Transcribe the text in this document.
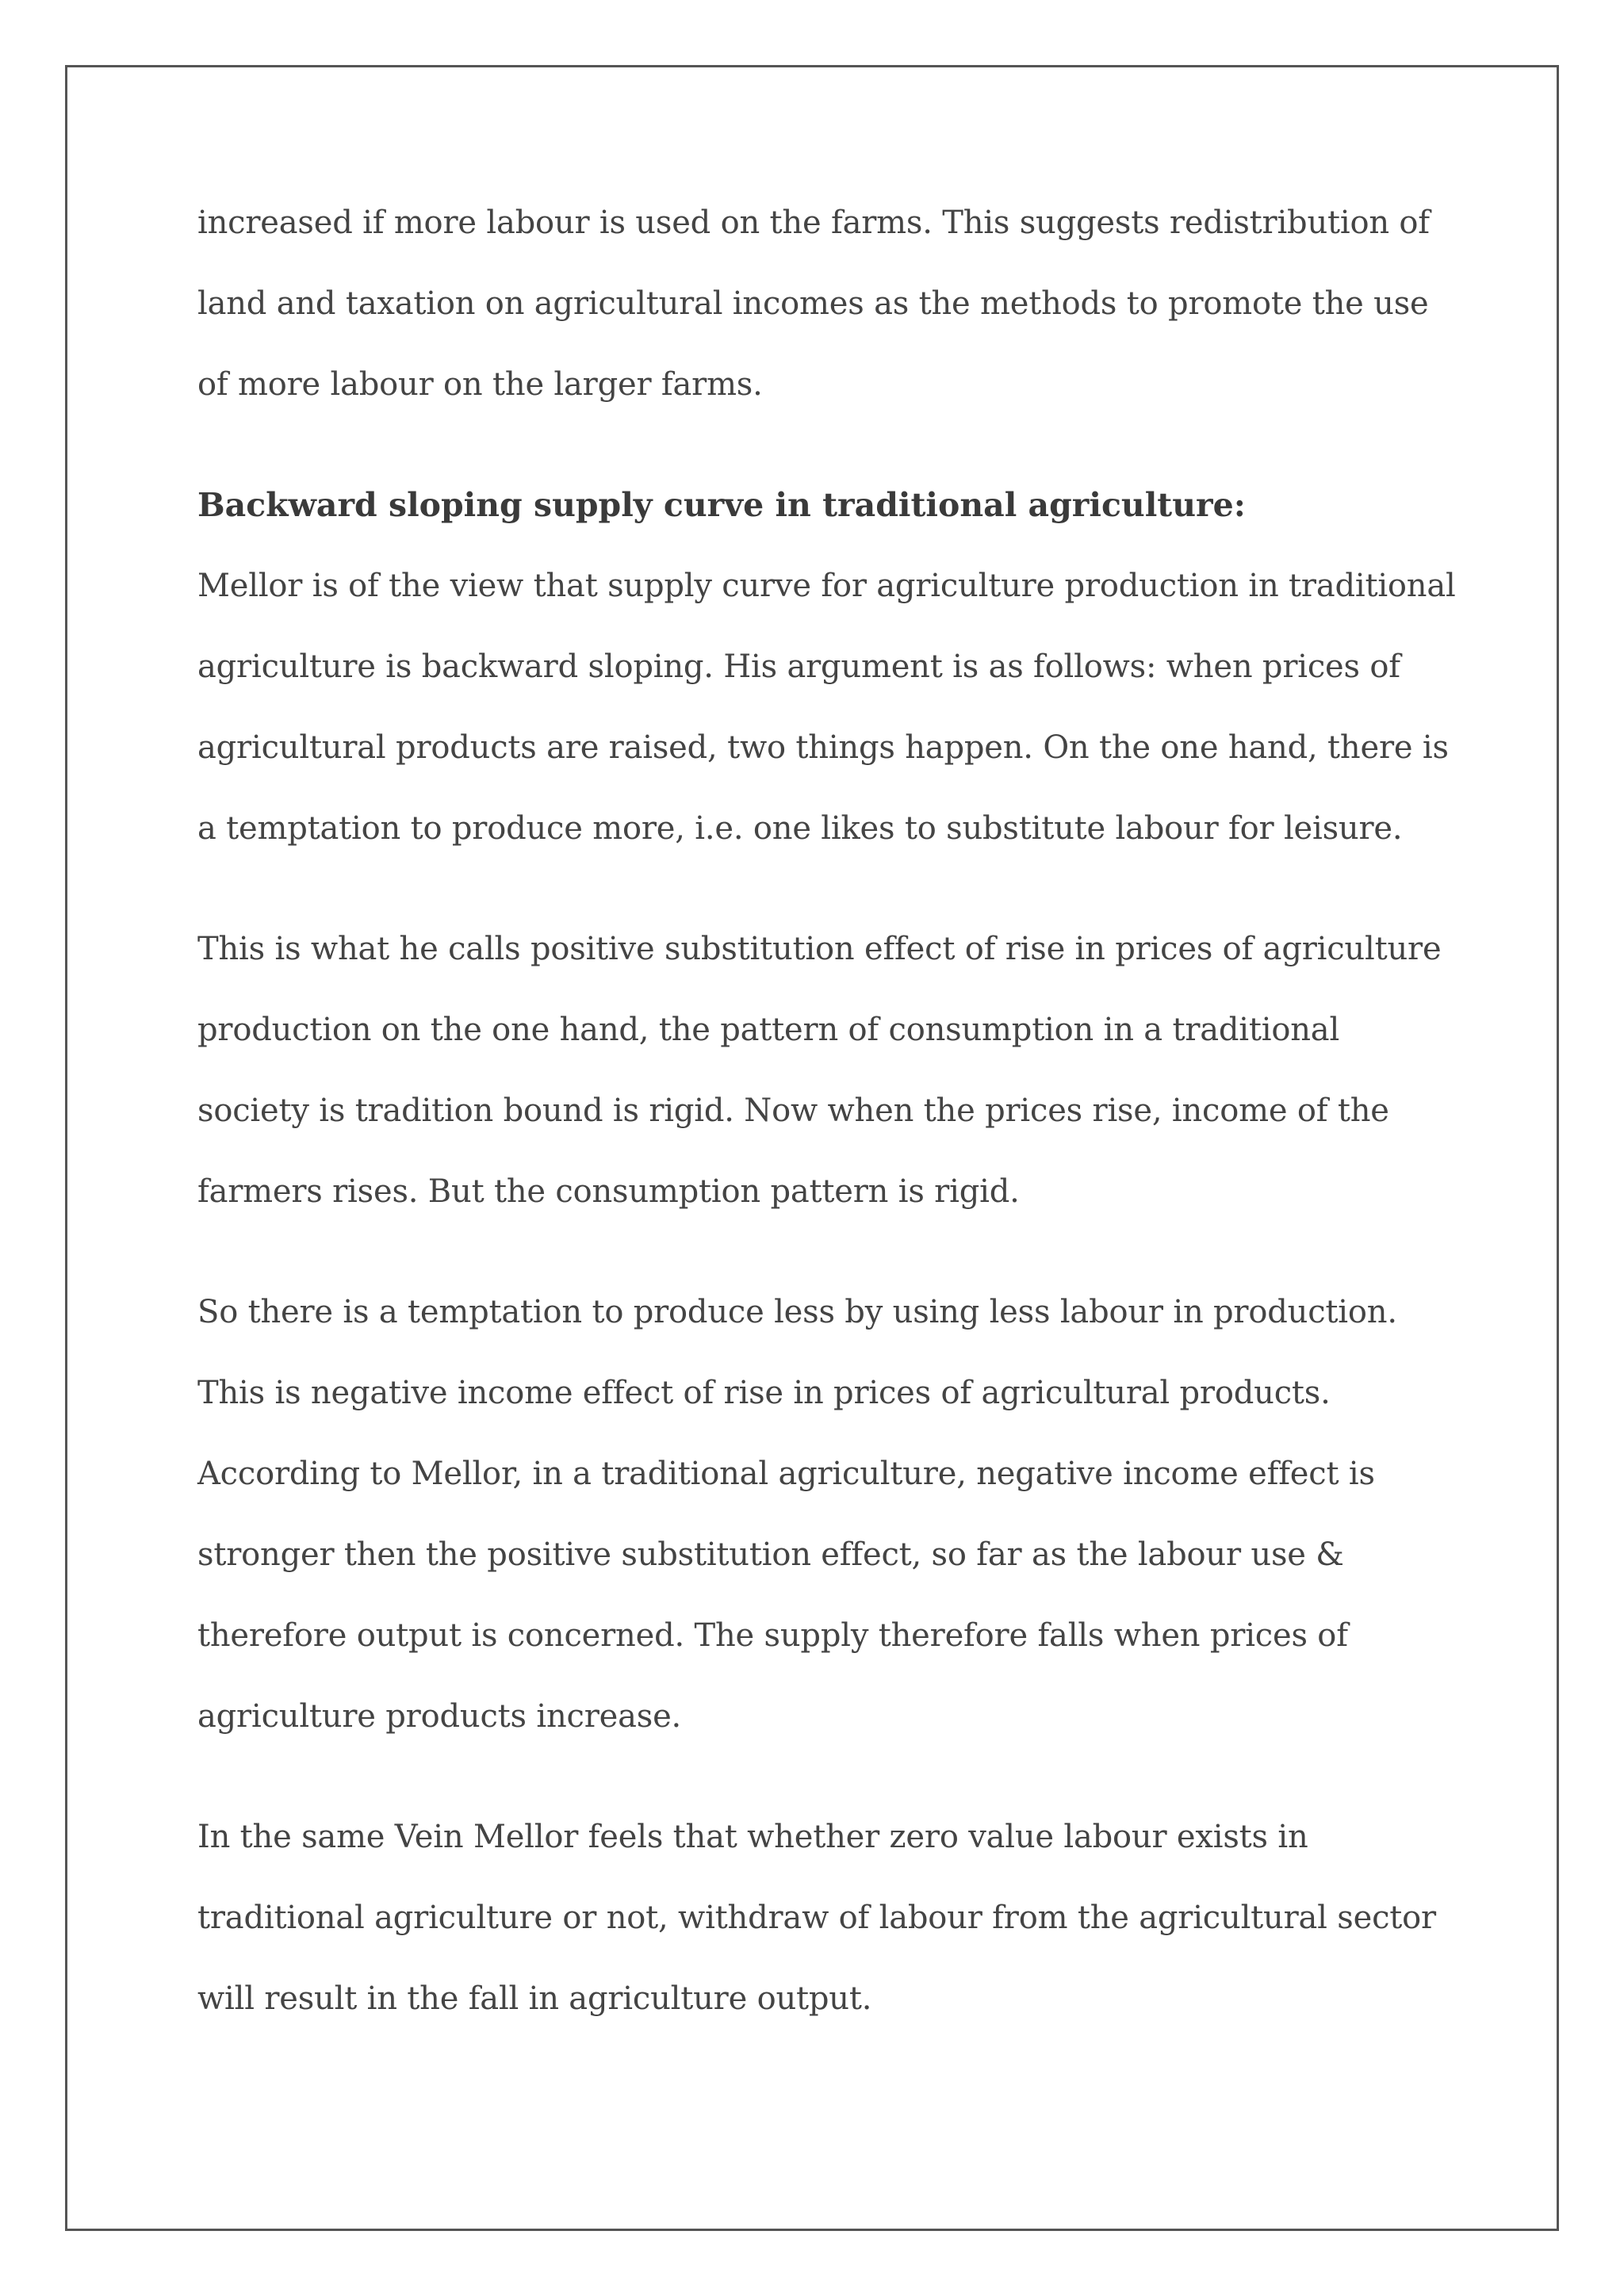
increased if more labour is used on the farms. This suggests redistribution of
land and taxation on agricultural incomes as the methods to promote the use
of more labour on the larger farms.

Backward sloping supply curve in traditional agriculture:

Mellor is of the view that supply curve for agriculture production in traditional
agriculture is backward sloping. His argument is as follows: when prices of
agricultural products are raised, two things happen. On the one hand, there is
a temptation to produce more, i.e. one likes to substitute labour for leisure.

This is what he calls positive substitution effect of rise in prices of agriculture
production on the one hand, the pattern of consumption in a traditional
society is tradition bound is rigid. Now when the prices rise, income of the
farmers rises. But the consumption pattern is rigid.

So there is a temptation to produce less by using less labour in production.
This is negative income effect of rise in prices of agricultural products.
According to Mellor, in a traditional agriculture, negative income effect is
stronger then the positive substitution effect, so far as the labour use &
therefore output is concerned. The supply therefore falls when prices of
agriculture products increase.

In the same Vein Mellor feels that whether zero value labour exists in
traditional agriculture or not, withdraw of labour from the agricultural sector
will result in the fall in agriculture output.
